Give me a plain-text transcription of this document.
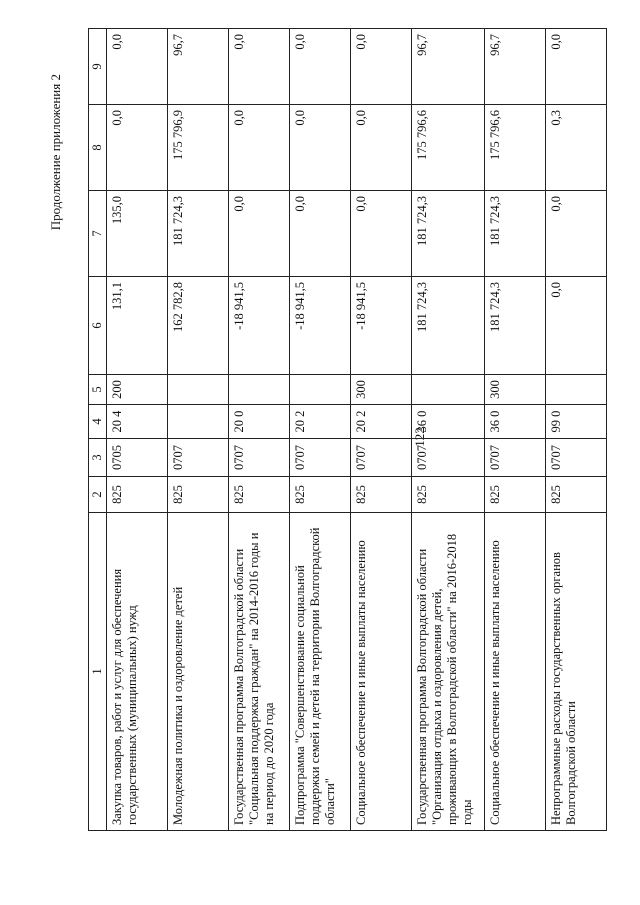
122
Продолжение приложения 2
1	2	3	4	5	6	7	8	9
Закупка товаров, работ и услуг для обеспечения государственных (муниципальных) нужд	825	0705	20 4	200	131,1	135,0	0,0	0,0
Молодежная политика и оздоровление детей	825	0707			162 782,8	181 724,3	175 796,9	96,7
Государственная программа Волгоградской области "Социальная поддержка граждан" на 2014-2016 годы и на период до 2020 года	825	0707	20 0		-18 941,5	0,0	0,0	0,0
Подпрограмма "Совершенствование социальной поддержки семей и детей на территории Волгоградской области"	825	0707	20 2		-18 941,5	0,0	0,0	0,0
Социальное обеспечение и иные выплаты населению	825	0707	20 2	300	-18 941,5	0,0	0,0	0,0
Государственная программа Волгоградской области "Организация отдыха и оздоровления детей, проживающих в Волгоградской области" на 2016-2018 годы	825	0707	36 0		181 724,3	181 724,3	175 796,6	96,7
Социальное обеспечение и иные выплаты населению	825	0707	36 0	300	181 724,3	181 724,3	175 796,6	96,7
Непрограммные расходы государственных органов Волгоградской области	825	0707	99 0		0,0	0,0	0,3	0,0
